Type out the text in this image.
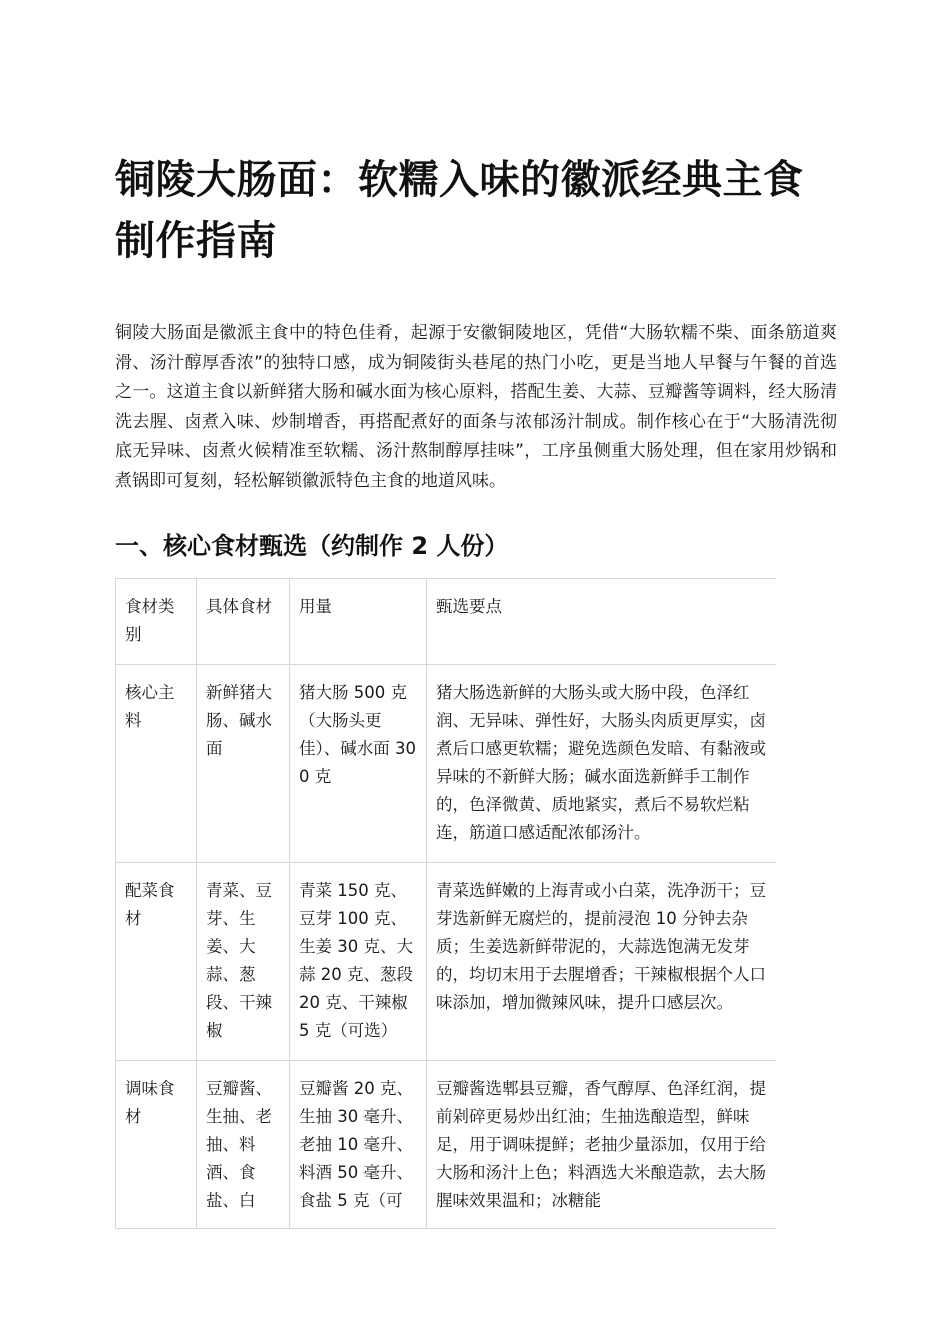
铜陵大肠面：软糯入味的徽派经典主食制作指南

铜陵大肠面是徽派主食中的特色佳肴，起源于安徽铜陵地区，凭借“大肠软糯不柴、面条筋道爽滑、汤汁醇厚香浓”的独特口感，成为铜陵街头巷尾的热门小吃，更是当地人早餐与午餐的首选之一。这道主食以新鲜猪大肠和碱水面为核心原料，搭配生姜、大蒜、豆瓣酱等调料，经大肠清洗去腥、卤煮入味、炒制增香，再搭配煮好的面条与浓郁汤汁制成。制作核心在于“大肠清洗彻底无异味、卤煮火候精准至软糯、汤汁熬制醇厚挂味”，工序虽侧重大肠处理，但在家用炒锅和煮锅即可复刻，轻松解锁徽派特色主食的地道风味。

一、核心食材甄选（约制作 2 人份）
食材类别	具体食材	用量	甄选要点
核心主料	新鲜猪大肠、碱水面	猪大肠 500 克（大肠头更佳）、碱水面 300 克	猪大肠选新鲜的大肠头或大肠中段，色泽红润、无异味、弹性好，大肠头肉质更厚实，卤煮后口感更软糯；避免选颜色发暗、有黏液或异味的不新鲜大肠；碱水面选新鲜手工制作的，色泽微黄、质地紧实，煮后不易软烂粘连，筋道口感适配浓郁汤汁。
配菜食材	青菜、豆芽、生姜、大蒜、葱段、干辣椒	青菜 150 克、豆芽 100 克、生姜 30 克、大蒜 20 克、葱段 20 克、干辣椒 5 克（可选）	青菜选鲜嫩的上海青或小白菜，洗净沥干；豆芽选新鲜无腐烂的，提前浸泡 10 分钟去杂质；生姜选新鲜带泥的，大蒜选饱满无发芽的，均切末用于去腥增香；干辣椒根据个人口味添加，增加微辣风味，提升口感层次。
调味食材	豆瓣酱、生抽、老抽、料酒、食盐、白	豆瓣酱 20 克、生抽 30 毫升、老抽 10 毫升、料酒 50 毫升、食盐 5 克（可	豆瓣酱选郫县豆瓣，香气醇厚、色泽红润，提前剁碎更易炒出红油；生抽选酿造型，鲜味足，用于调味提鲜；老抽少量添加，仅用于给大肠和汤汁上色；料酒选大米酿造款，去大肠腥味效果温和；冰糖能
